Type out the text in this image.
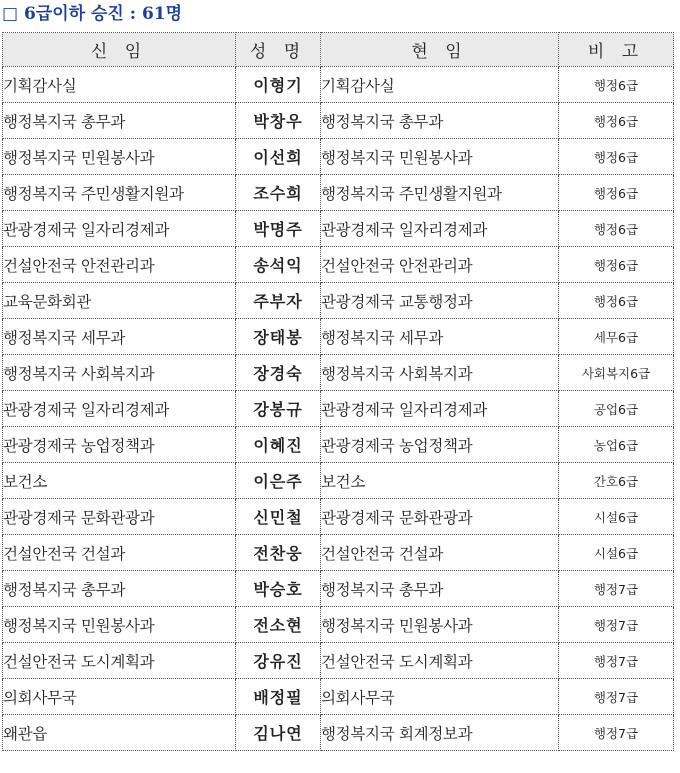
□ 6급이하 승진 : 61명
신 임	성 명	현 임	비 고
기획감사실	이형기	기획감사실	행정6급
행정복지국 총무과	박창우	행정복지국 총무과	행정6급
행정복지국 민원봉사과	이선희	행정복지국 민원봉사과	행정6급
행정복지국 주민생활지원과	조수희	행정복지국 주민생활지원과	행정6급
관광경제국 일자리경제과	박명주	관광경제국 일자리경제과	행정6급
건설안전국 안전관리과	송석익	건설안전국 안전관리과	행정6급
교육문화회관	주부자	관광경제국 교통행정과	행정6급
행정복지국 세무과	장태봉	행정복지국 세무과	세무6급
행정복지국 사회복지과	장경숙	행정복지국 사회복지과	사회복지6급
관광경제국 일자리경제과	강봉규	관광경제국 일자리경제과	공업6급
관광경제국 농업정책과	이혜진	관광경제국 농업정책과	농업6급
보건소	이은주	보건소	간호6급
관광경제국 문화관광과	신민철	관광경제국 문화관광과	시설6급
건설안전국 건설과	전찬웅	건설안전국 건설과	시설6급
행정복지국 총무과	박승호	행정복지국 총무과	행정7급
행정복지국 민원봉사과	전소현	행정복지국 민원봉사과	행정7급
건설안전국 도시계획과	강유진	건설안전국 도시계획과	행정7급
의회사무국	배정필	의회사무국	행정7급
왜관읍	김나연	행정복지국 회계정보과	행정7급
